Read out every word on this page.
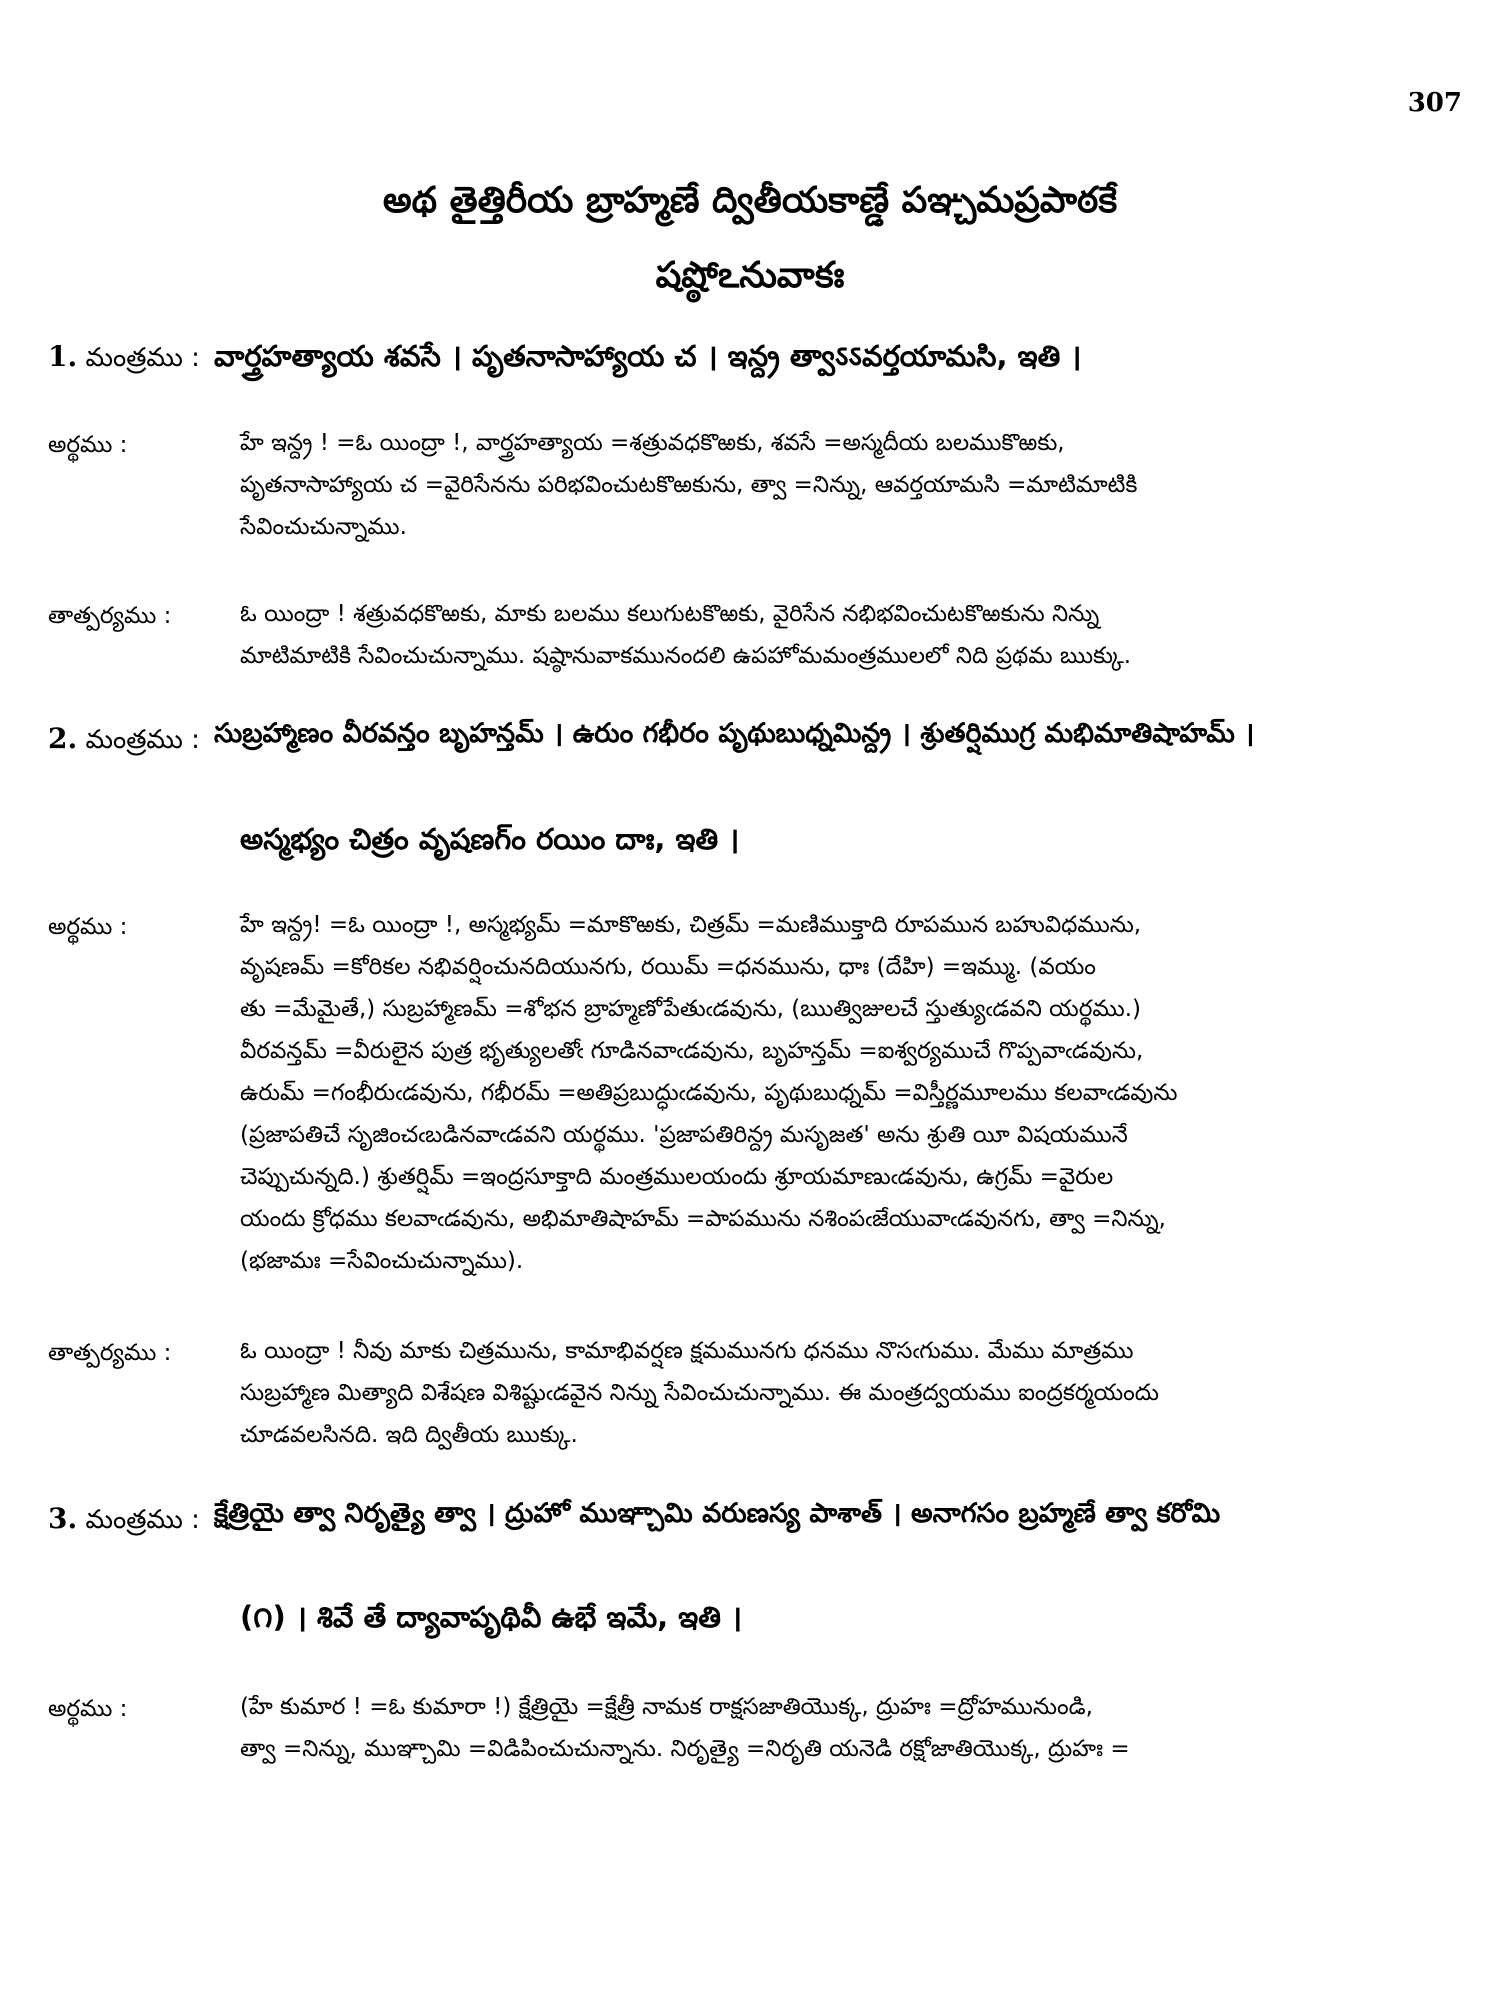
307
అథ తైత్తిరీయ బ్రాహ్మణే ద్వితీయకాణ్డే పఞ్చమప్రపాఠకే
షష్ఠోఽనువాకః
1. మంత్రము : వార్త్రహత్యాయ శవసే । పృతనాసాహ్యాయ చ । ఇన్ద్ర త్వాऽऽవర్తయామసి, ఇతి ।
అర్థము :	హే ఇన్ద్ర ! =ఓ యింద్రా !, వార్త్రహత్యాయ =శత్రువధకొఱకు, శవసే =అస్మదీయ బలముకొఱకు,
పృతనాసాహ్యాయ చ =వైరిసేనను పరిభవించుటకొఱకును, త్వా =నిన్ను, ఆవర్తయామసి =మాటిమాటికి
సేవించుచున్నాము.
తాత్పర్యము :	ఓ యింద్రా ! శత్రువధకొఱకు, మాకు బలము కలుగుటకొఱకు, వైరిసేన నభిభవించుటకొఱకును నిన్ను
మాటిమాటికి సేవించుచున్నాము. షష్ఠానువాకమునందలి ఉపహోమమంత్రములలో నిది ప్రథమ ఋక్కు.
2. మంత్రము : సుబ్రహ్మాణం వీరవన్తం బృహన్తమ్ । ఉరుం గభీరం పృథుబుధ్నమిన్ద్ర । శ్రుతర్షిముగ్ర మభిమాతిషాహమ్ ।
అస్మభ్యం చిత్రం వృషణగ్ం రయిం దాః, ఇతి ।
అర్థము :	హే ఇన్ద్ర! =ఓ యింద్రా !, అస్మభ్యమ్ =మాకొఱకు, చిత్రమ్ =మణిముక్తాది రూపమున బహువిధమును,
వృషణమ్ =కోరికల నభివర్షించునదియునగు, రయిమ్ =ధనమును, ధాః (దేహి) =ఇమ్ము. (వయం
తు =మేమైతే,) సుబ్రహ్మాణమ్ =శోభన బ్రాహ్మణోపేతుఁడవును, (ఋత్విజులచే స్తుత్యుఁడవని యర్థము.)
వీరవన్తమ్ =వీరులైన పుత్ర భృత్యులతోఁ గూడినవాఁడవును, బృహన్తమ్ =ఐశ్వర్యముచే గొప్పవాఁడవును,
ఉరుమ్ =గంభీరుఁడవును, గభీరమ్ =అతిప్రబుద్ధుఁడవును, పృథుబుధ్నమ్ =విస్తీర్ణమూలము కలవాఁడవును
(ప్రజాపతిచే సృజించఁబడినవాఁడవని యర్థము. 'ప్రజాపతిరిన్ద్ర మసృజత' అను శ్రుతి యీ విషయమునే
చెప్పుచున్నది.) శ్రుతర్షిమ్ =ఇంద్రసూక్తాది మంత్రములయందు శ్రూయమాణుఁడవును, ఉగ్రమ్ =వైరుల
యందు క్రోధము కలవాఁడవును, అభిమాతిషాహమ్ =పాపమును నశింపఁజేయువాఁడవునగు, త్వా =నిన్ను,
(భజామః =సేవించుచున్నాము).
తాత్పర్యము :	ఓ యింద్రా ! నీవు మాకు చిత్రమును, కామాభివర్షణ క్షమమునగు ధనము నొసఁగుము. మేము మాత్రము
సుబ్రహ్మాణ మిత్యాది విశేషణ విశిష్టుఁడవైన నిన్ను సేవించుచున్నాము. ఈ మంత్రద్వయము ఐంద్రకర్మయందు
చూడవలసినది. ఇది ద్వితీయ ఋక్కు.
3. మంత్రము : క్షేత్రియై త్వా నిరృత్యై త్వా । ద్రుహో ముఞ్చామి వరుణస్య పాశాత్ । అనాగసం బ్రహ్మణే త్వా కరోమి
(౧) । శివే తే ద్యావాపృథివీ ఉభే ఇమే, ఇతి ।
అర్థము :	(హే కుమార ! =ఓ కుమారా !) క్షేత్రియై =క్షేత్రీ నామక రాక్షసజాతియొక్క, ద్రుహః =ద్రోహమునుండి,
త్వా =నిన్ను, ముఞ్చామి =విడిపించుచున్నాను. నిరృత్యై =నిరృతి యనెడి రక్షోజాతియొక్క, ద్రుహః =
